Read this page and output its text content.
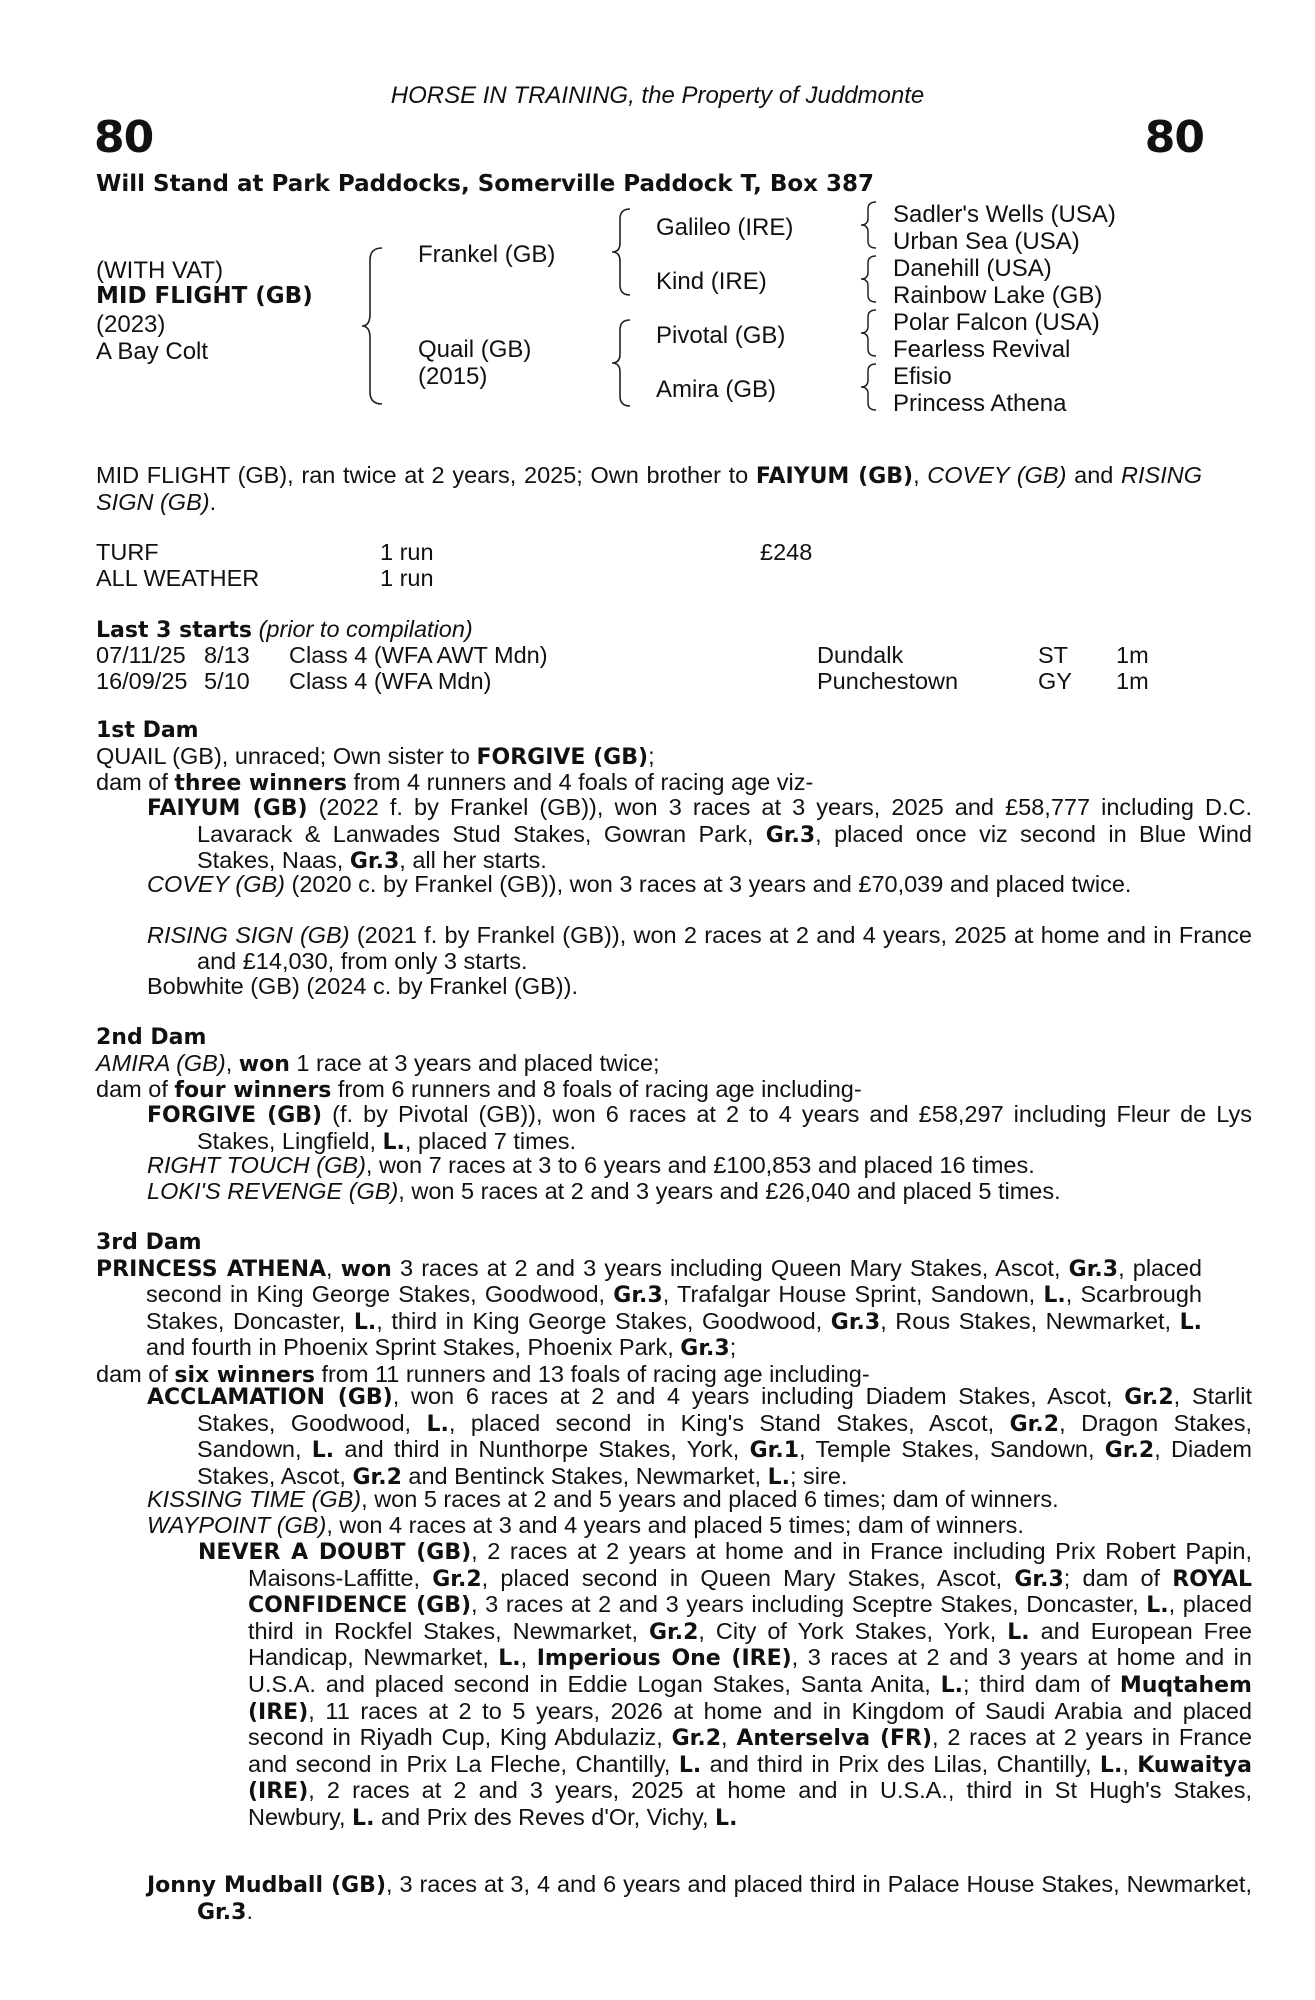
HORSE IN TRAINING, the Property of Juddmonte
80	80
Will Stand at Park Paddocks, Somerville Paddock T, Box 387
(WITH VAT)
MID FLIGHT (GB)
(2023)
A Bay Colt
Frankel (GB)
Quail (GB)
(2015)
Galileo (IRE)
Kind (IRE)
Pivotal (GB)
Amira (GB)
Sadler's Wells (USA)
Urban Sea (USA)
Danehill (USA)
Rainbow Lake (GB)
Polar Falcon (USA)
Fearless Revival
Efisio
Princess Athena
MID FLIGHT (GB), ran twice at 2 years, 2025; Own brother to FAIYUM (GB), COVEY (GB) and RISING SIGN (GB).
TURF	1 run	£248
ALL WEATHER	1 run
Last 3 starts (prior to compilation)
07/11/25 8/13 Class 4 (WFA AWT Mdn)	Dundalk	ST 1m
16/09/25 5/10 Class 4 (WFA Mdn)	Punchestown	GY 1m

1st Dam

QUAIL (GB), unraced; Own sister to FORGIVE (GB);

dam of three winners from 4 runners and 4 foals of racing age viz-

FAIYUM (GB) (2022 f. by Frankel (GB)), won 3 races at 3 years, 2025 and £58,777 including D.C. Lavarack & Lanwades Stud Stakes, Gowran Park, Gr.3, placed once viz second in Blue Wind Stakes, Naas, Gr.3, all her starts.
COVEY (GB) (2020 c. by Frankel (GB)), won 3 races at 3 years and £70,039 and placed twice.
RISING SIGN (GB) (2021 f. by Frankel (GB)), won 2 races at 2 and 4 years, 2025 at home and in France and £14,030, from only 3 starts.
Bobwhite (GB) (2024 c. by Frankel (GB)).

2nd Dam

AMIRA (GB), won 1 race at 3 years and placed twice;

dam of four winners from 6 runners and 8 foals of racing age including-

FORGIVE (GB) (f. by Pivotal (GB)), won 6 races at 2 to 4 years and £58,297 including Fleur de Lys Stakes, Lingfield, L., placed 7 times.
RIGHT TOUCH (GB), won 7 races at 3 to 6 years and £100,853 and placed 16 times.
LOKI'S REVENGE (GB), won 5 races at 2 and 3 years and £26,040 and placed 5 times.

3rd Dam

PRINCESS ATHENA, won 3 races at 2 and 3 years including Queen Mary Stakes, Ascot, Gr.3, placed second in King George Stakes, Goodwood, Gr.3, Trafalgar House Sprint, Sandown, L., Scarbrough Stakes, Doncaster, L., third in King George Stakes, Goodwood, Gr.3, Rous Stakes, Newmarket, L. and fourth in Phoenix Sprint Stakes, Phoenix Park, Gr.3;

dam of six winners from 11 runners and 13 foals of racing age including-

ACCLAMATION (GB), won 6 races at 2 and 4 years including Diadem Stakes, Ascot, Gr.2, Starlit Stakes, Goodwood, L., placed second in King's Stand Stakes, Ascot, Gr.2, Dragon Stakes, Sandown, L. and third in Nunthorpe Stakes, York, Gr.1, Temple Stakes, Sandown, Gr.2, Diadem Stakes, Ascot, Gr.2 and Bentinck Stakes, Newmarket, L.; sire.
KISSING TIME (GB), won 5 races at 2 and 5 years and placed 6 times; dam of winners.
WAYPOINT (GB), won 4 races at 3 and 4 years and placed 5 times; dam of winners.
NEVER A DOUBT (GB), 2 races at 2 years at home and in France including Prix Robert Papin, Maisons-Laffitte, Gr.2, placed second in Queen Mary Stakes, Ascot, Gr.3; dam of ROYAL CONFIDENCE (GB), 3 races at 2 and 3 years including Sceptre Stakes, Doncaster, L., placed third in Rockfel Stakes, Newmarket, Gr.2, City of York Stakes, York, L. and European Free Handicap, Newmarket, L., Imperious One (IRE), 3 races at 2 and 3 years at home and in U.S.A. and placed second in Eddie Logan Stakes, Santa Anita, L.; third dam of Muqtahem (IRE), 11 races at 2 to 5 years, 2026 at home and in Kingdom of Saudi Arabia and placed second in Riyadh Cup, King Abdulaziz, Gr.2, Anterselva (FR), 2 races at 2 years in France and second in Prix La Fleche, Chantilly, L. and third in Prix des Lilas, Chantilly, L., Kuwaitya (IRE), 2 races at 2 and 3 years, 2025 at home and in U.S.A., third in St Hugh's Stakes, Newbury, L. and Prix des Reves d'Or, Vichy, L.
Jonny Mudball (GB), 3 races at 3, 4 and 6 years and placed third in Palace House Stakes, Newmarket, Gr.3.
